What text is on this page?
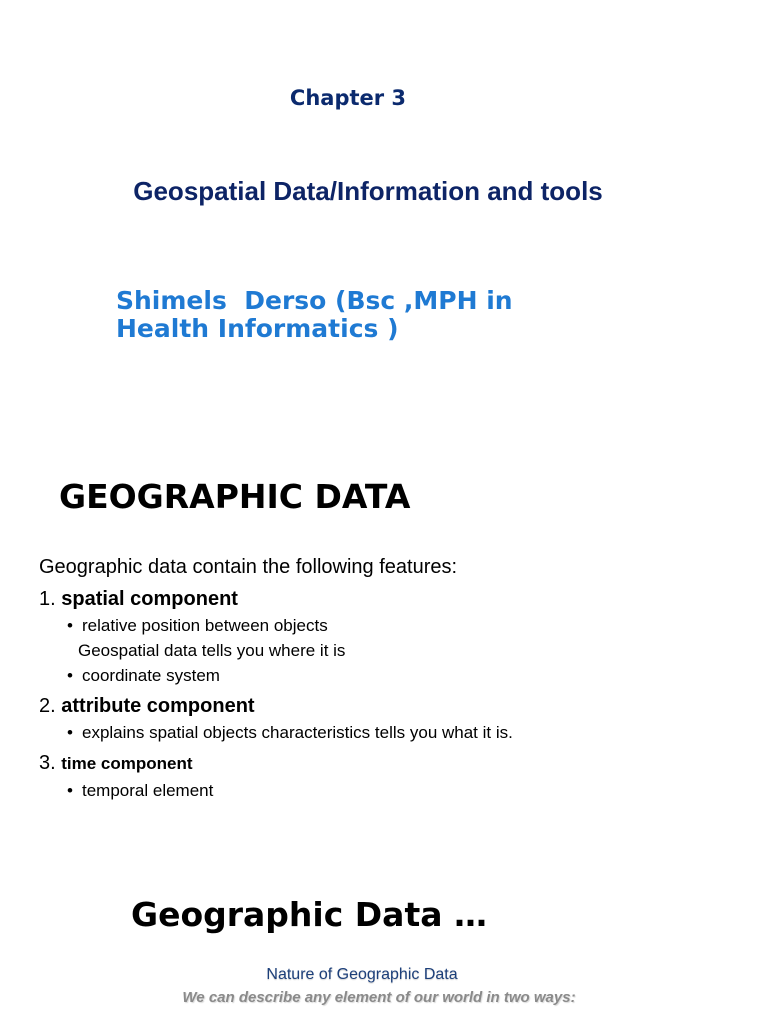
Chapter 3
Geospatial Data/Information and tools
Shimels  Derso (Bsc ,MPH in
Health Informatics )
GEOGRAPHIC DATA

Geographic data contain the following features:

1. spatial component

• relative position between objects

Geospatial data tells you where it is

• coordinate system

2. attribute component

• explains spatial objects characteristics tells you what it is.

3. time component

• temporal element

Geographic Data …
Nature of Geographic Data
We can describe any element of our world in two ways:
